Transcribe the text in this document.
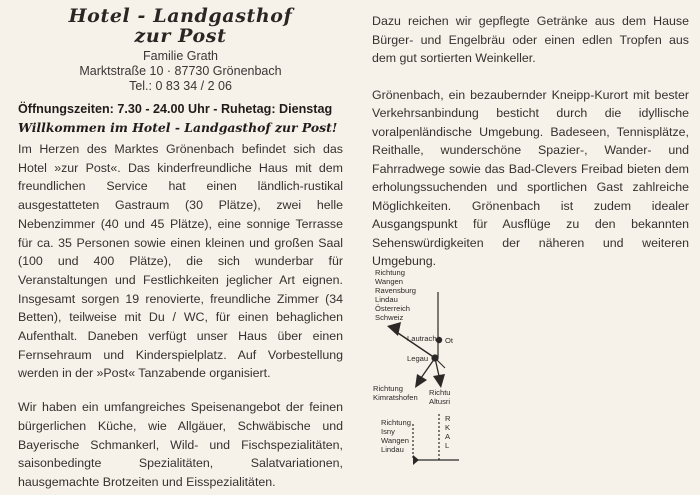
Hotel - Landgasthof
zur Post
Familie Grath
Marktstraße 10 · 87730 Grönenbach
Tel.: 0 83 34 / 2 06
Öffnungszeiten: 7.30 - 24.00 Uhr - Ruhetag: Dienstag
Willkommen im Hotel - Landgasthof zur Post!

Im Herzen des Marktes Grönenbach befindet sich das Hotel »zur Post«. Das kinderfreundliche Haus mit dem freundlichen Service hat einen ländlich-rustikal ausgestatteten Gastraum (30 Plätze), zwei helle Nebenzimmer (40 und 45 Plätze), eine sonnige Terrasse für ca. 35 Personen sowie einen kleinen und großen Saal (100 und 400 Plätze), die sich wunderbar für Veranstaltungen und Festlichkeiten jeglicher Art eignen. Insgesamt sorgen 19 renovierte, freundliche Zimmer (34 Betten), teilweise mit Du / WC, für einen behaglichen Aufenthalt. Daneben verfügt unser Haus über einen Fernsehraum und Kinderspielplatz. Auf Vorbestellung werden in der »Post« Tanzabende organisiert.

Wir haben ein umfangreiches Speisenangebot der feinen bürgerlichen Küche, wie Allgäuer, Schwäbische und Bayerische Schmankerl, Wild- und Fischspezialitäten, saisonbedingte Spezialitäten, Salatvariationen, hausgemachte Brotzeiten und Eisspezialitäten.

Dazu reichen wir gepflegte Getränke aus dem Hause Bürger- und Engelbräu oder einen edlen Tropfen aus dem gut sortierten Weinkeller.

Grönenbach, ein bezaubernder Kneipp-Kurort mit bester Verkehrsanbindung besticht durch die idyllische voralpenländische Umgebung. Badeseen, Tennisplätze, Reithalle, wunderschöne Spazier-, Wander- und Fahrradwege sowie das Bad-Clevers Freibad bieten dem erholungssuchenden und sportlichen Gast zahlreiche Möglichkeiten. Grönenbach ist zudem idealer Ausgangspunkt für Ausflüge zu den bekannten Sehenswürdigkeiten der näheren und weiteren Umgebung.

Richtung
Wangen
Ravensburg
Lindau
Österreich
Schweiz
Lautrach Ot
Legau
Richtung
Kimratshofen
Richtu
Altusri
Richtung
Isny
Wangen
Lindau
R
K
A
L
